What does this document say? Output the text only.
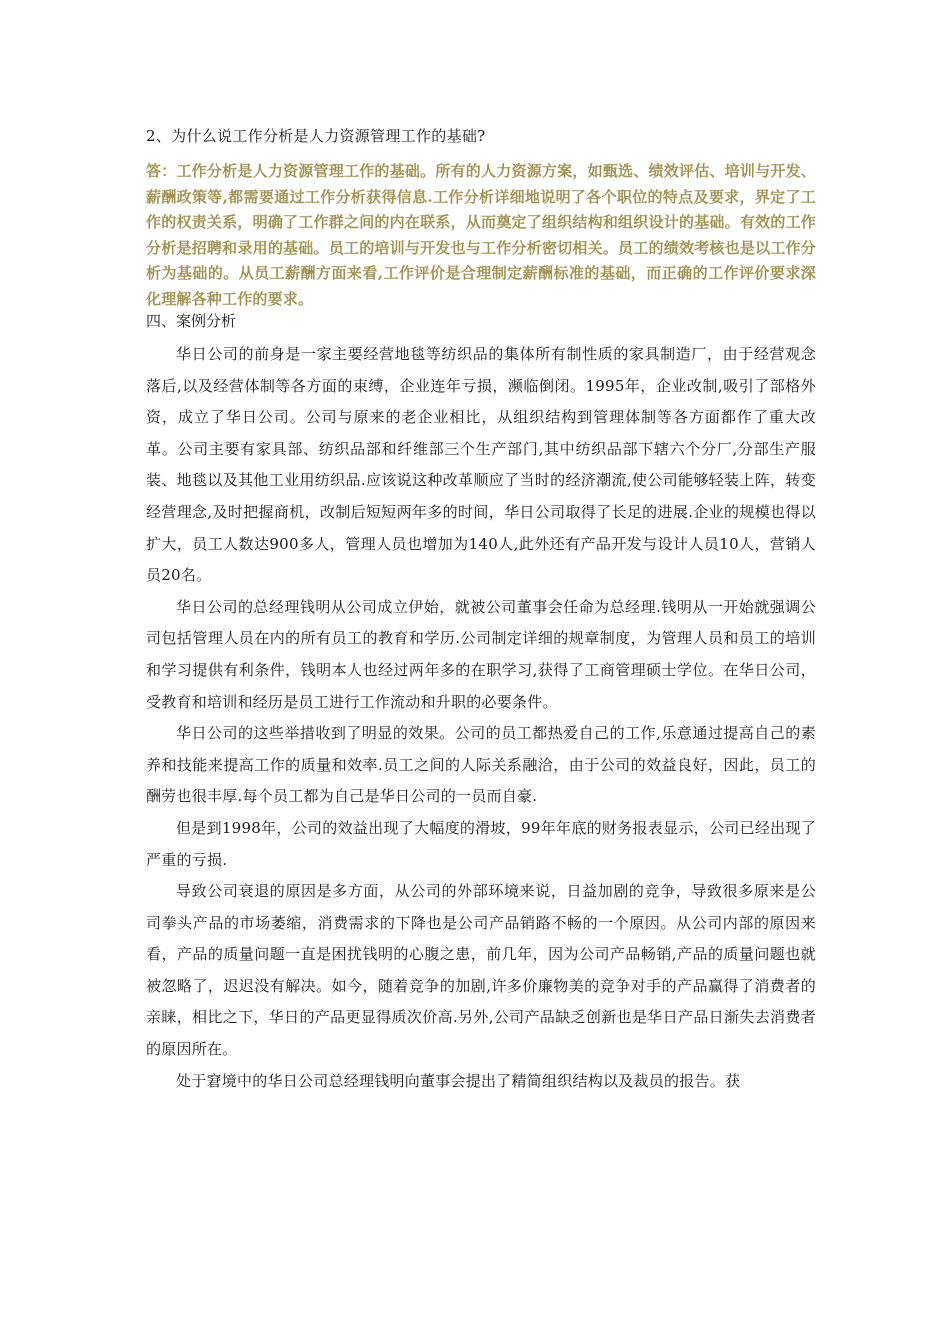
2、为什么说工作分析是人力资源管理工作的基础?
答：工作分析是人力资源管理工作的基础。所有的人力资源方案，如甄选、绩效评估、培训与开发、薪酬政策等,都需要通过工作分析获得信息.工作分析详细地说明了各个职位的特点及要求，界定了工作的权责关系，明确了工作群之间的内在联系，从而奠定了组织结构和组织设计的基础。有效的工作分析是招聘和录用的基础。员工的培训与开发也与工作分析密切相关。员工的绩效考核也是以工作分析为基础的。从员工薪酬方面来看,工作评价是合理制定薪酬标准的基础，而正确的工作评价要求深化理解各种工作的要求。
四、案例分析

华日公司的前身是一家主要经营地毯等纺织品的集体所有制性质的家具制造厂，由于经营观念落后,以及经营体制等各方面的束缚，企业连年亏损，濒临倒闭。1995年，企业改制,吸引了部格外资，成立了华日公司。公司与原来的老企业相比，从组织结构到管理体制等各方面都作了重大改革。公司主要有家具部、纺织品部和纤维部三个生产部门,其中纺织品部下辖六个分厂,分部生产服装、地毯以及其他工业用纺织品.应该说这种改革顺应了当时的经济潮流,使公司能够轻装上阵，转变经营理念,及时把握商机，改制后短短两年多的时间，华日公司取得了长足的进展.企业的规模也得以扩大，员工人数达900多人，管理人员也增加为140人,此外还有产品开发与设计人员10人，营销人员20名。

华日公司的总经理钱明从公司成立伊始，就被公司董事会任命为总经理.钱明从一开始就强调公司包括管理人员在内的所有员工的教育和学历.公司制定详细的规章制度，为管理人员和员工的培训和学习提供有利条件，钱明本人也经过两年多的在职学习,获得了工商管理硕士学位。在华日公司，受教育和培训和经历是员工进行工作流动和升职的必要条件。

华日公司的这些举措收到了明显的效果。公司的员工都热爱自己的工作,乐意通过提高自己的素养和技能来提高工作的质量和效率.员工之间的人际关系融洽，由于公司的效益良好，因此，员工的酬劳也很丰厚.每个员工都为自己是华日公司的一员而自豪.

但是到1998年，公司的效益出现了大幅度的滑坡，99年年底的财务报表显示，公司已经出现了严重的亏损.

导致公司衰退的原因是多方面，从公司的外部环境来说，日益加剧的竞争，导致很多原来是公司拳头产品的市场萎缩，消费需求的下降也是公司产品销路不畅的一个原因。从公司内部的原因来看，产品的质量问题一直是困扰钱明的心腹之患，前几年，因为公司产品畅销,产品的质量问题也就被忽略了，迟迟没有解决。如今，随着竞争的加剧,许多价廉物美的竞争对手的产品赢得了消费者的亲睐，相比之下，华日的产品更显得质次价高.另外,公司产品缺乏创新也是华日产品日渐失去消费者的原因所在。

处于窘境中的华日公司总经理钱明向董事会提出了精简组织结构以及裁员的报告。获
